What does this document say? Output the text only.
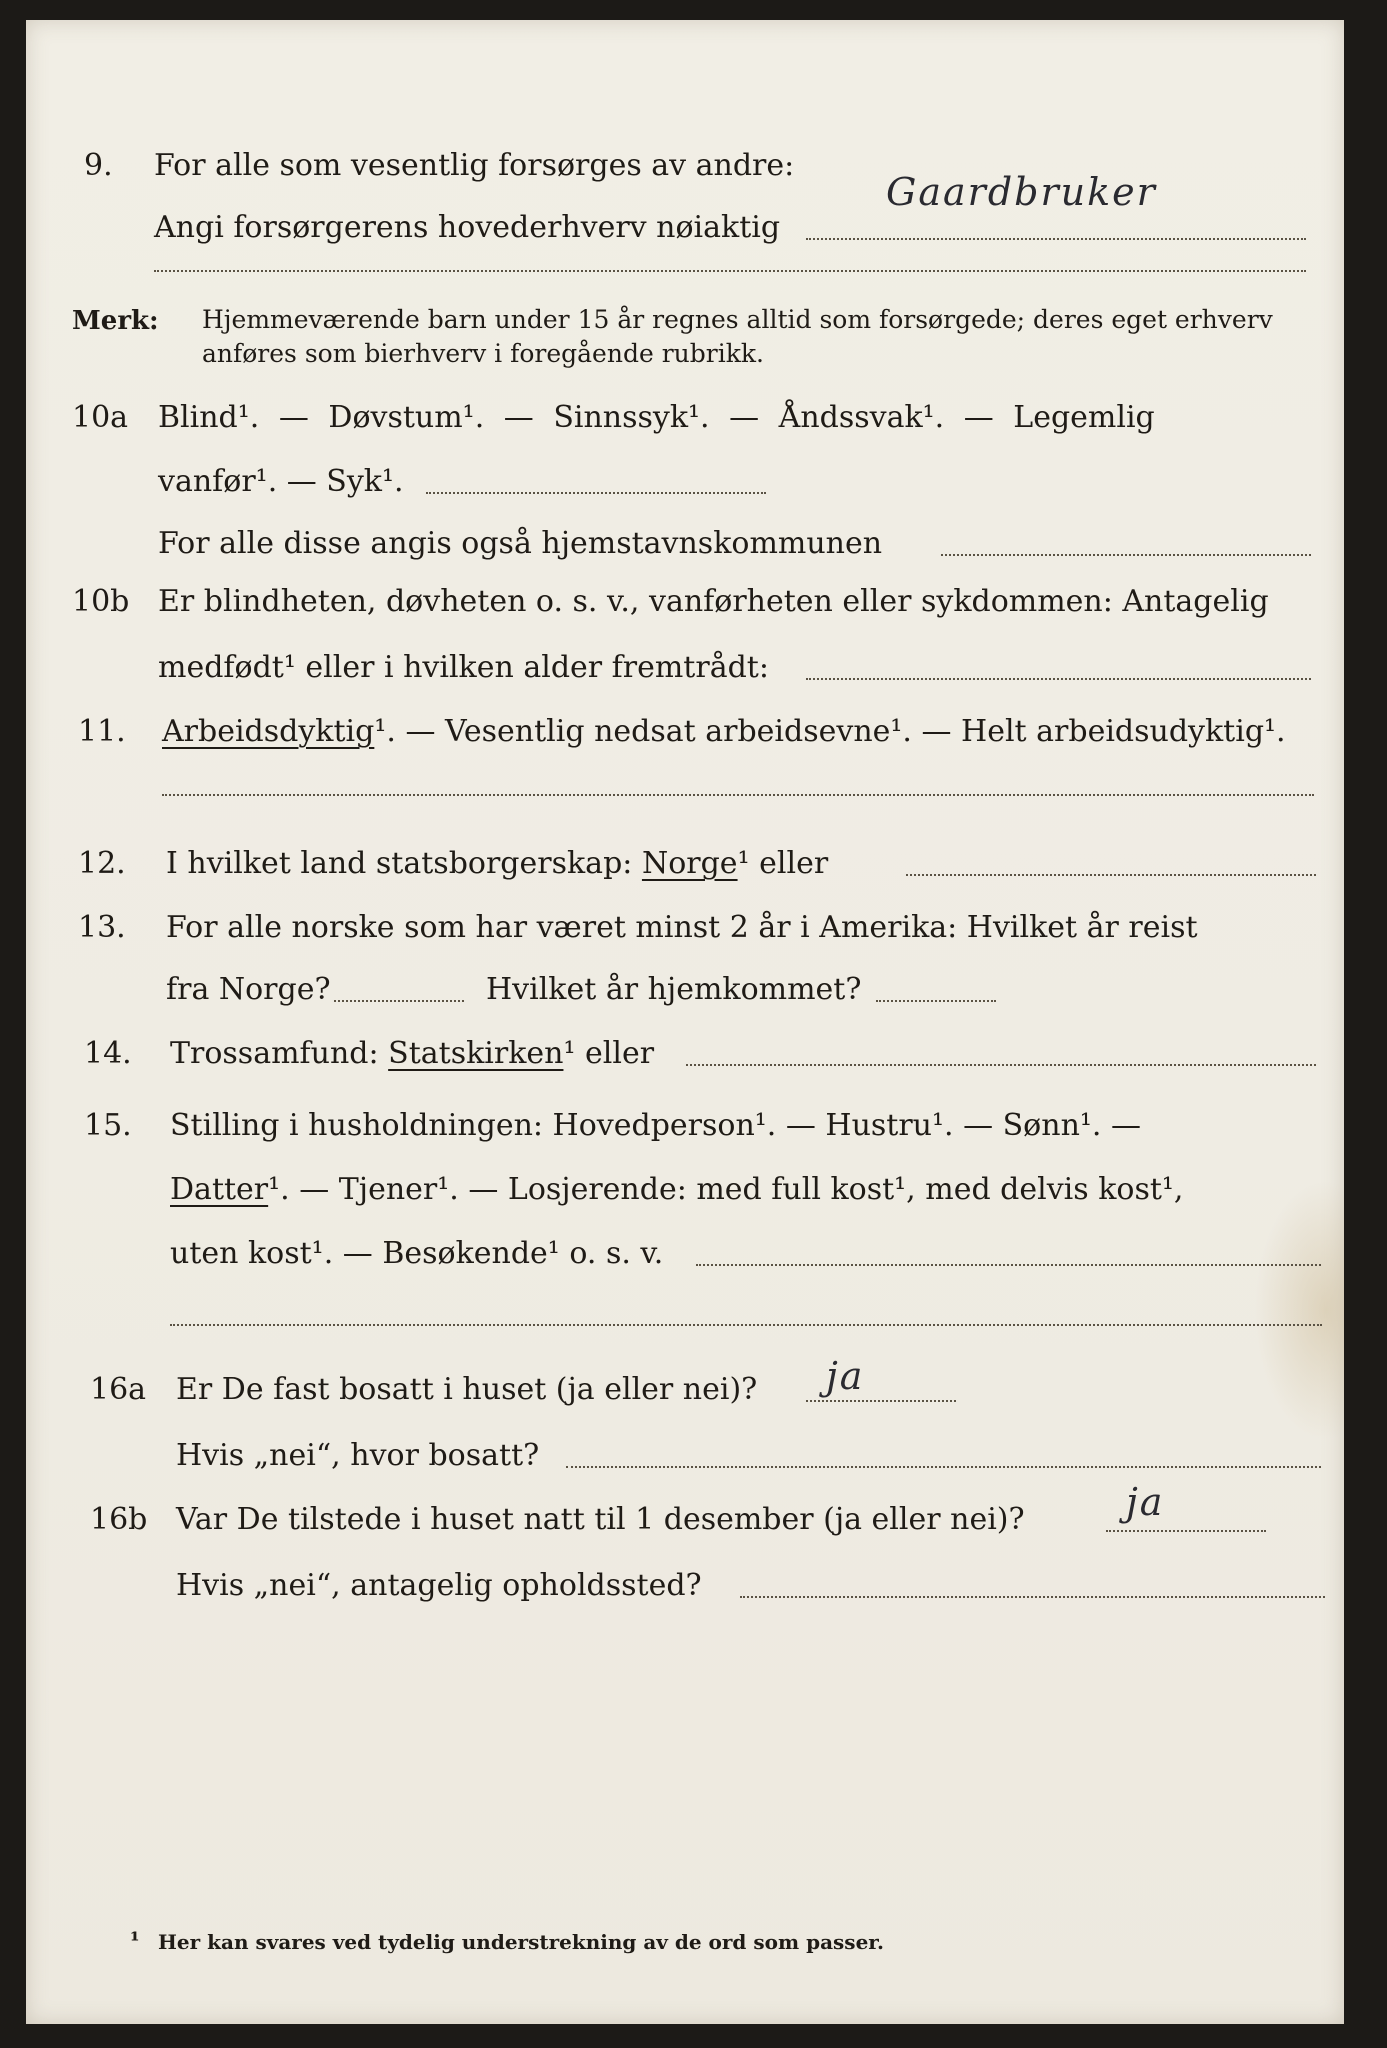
9. For alle som vesentlig forsørges av andre:
Angi forsørgerens hovederhverv nøiaktig
Gaardbruker
Merk: Hjemmeværende barn under 15 år regnes alltid som forsørgede; deres eget erhverv
anføres som bierhverv i foregående rubrikk.
10a Blind¹. — Døvstum¹. — Sinnssyk¹. — Åndssvak¹. — Legemlig
vanfør¹. — Syk¹.
For alle disse angis også hjemstavnskommunen
10b Er blindheten, døvheten o. s. v., vanførheten eller sykdommen: Antagelig
medfødt¹ eller i hvilken alder fremtrådt:
11. Arbeidsdyktig¹. — Vesentlig nedsat arbeidsevne¹. — Helt arbeidsudyktig¹.
12. I hvilket land statsborgerskap: Norge¹ eller
13. For alle norske som har været minst 2 år i Amerika: Hvilket år reist
fra Norge?	Hvilket år hjemkommet?
14. Trossamfund: Statskirken¹ eller
15. Stilling i husholdningen: Hovedperson¹. — Hustru¹. — Sønn¹. —
Datter¹. — Tjener¹. — Losjerende: med full kost¹, med delvis kost¹,
uten kost¹. — Besøkende¹ o. s. v.
16a Er De fast bosatt i huset (ja eller nei)? ja
Hvis „nei“, hvor bosatt?
16b Var De tilstede i huset natt til 1 desember (ja eller nei)?	ja
Hvis „nei“, antagelig opholdssted?
¹ Her kan svares ved tydelig understrekning av de ord som passer.
